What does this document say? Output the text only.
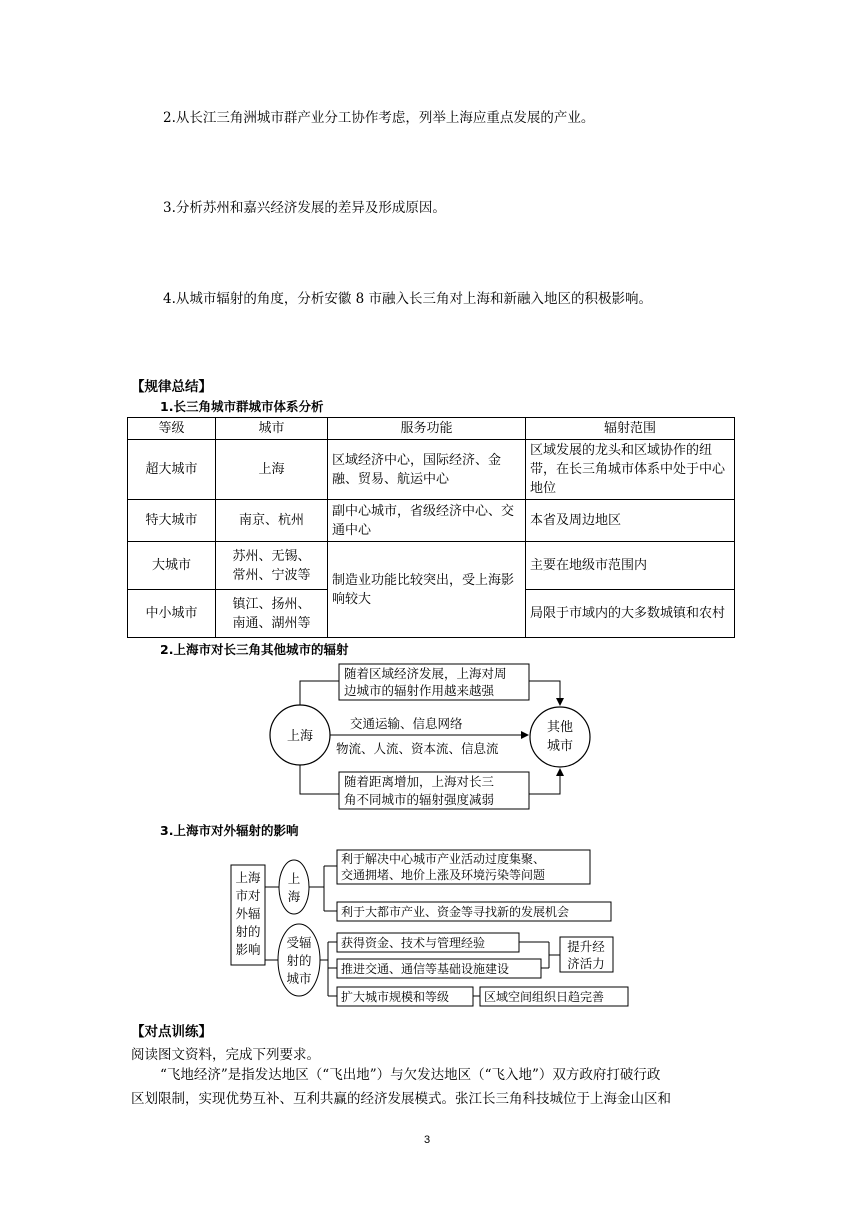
2.从长江三角洲城市群产业分工协作考虑，列举上海应重点发展的产业。
3.分析苏州和嘉兴经济发展的差异及形成原因。
4.从城市辐射的角度，分析安徽 8 市融入长三角对上海和新融入地区的积极影响。
【规律总结】
1.长三角城市群城市体系分析
等级	城市	服务功能	辐射范围
超大城市	上海	区域经济中心，国际经济、金融、贸易、航运中心	区域发展的龙头和区域协作的纽带，在长三角城市体系中处于中心地位
特大城市	南京、杭州	副中心城市，省级经济中心、交通中心	本省及周边地区
大城市	苏州、无锡、常州、宁波等	制造业功能比较突出，受上海影响较大	主要在地级市范围内
中小城市	镇江、扬州、南通、湖州等		局限于市域内的大多数城镇和农村
2.上海市对长三角其他城市的辐射
上海
其他
城市
随着区域经济发展，上海对周
边城市的辐射作用越来越强
交通运输、信息网络
物流、人流、资本流、信息流
随着距离增加，上海对长三
角不同城市的辐射强度减弱
上海
市对
外辐
射的
影响
上
海
利于解决中心城市产业活动过度集聚、
交通拥堵、地价上涨及环境污染等问题
利于大都市产业、资金等寻找新的发展机会
受辐
射的
城市
获得资金、技术与管理经验
推进交通、通信等基础设施建设
扩大城市规模和等级
提升经
济活力
区域空间组织日趋完善
3.上海市对外辐射的影响
【对点训练】
阅读图文资料，完成下列要求。
“飞地经济”是指发达地区（“飞出地”）与欠发达地区（“飞入地”）双方政府打破行政
区划限制，实现优势互补、互利共赢的经济发展模式。张江长三角科技城位于上海金山区和
3
